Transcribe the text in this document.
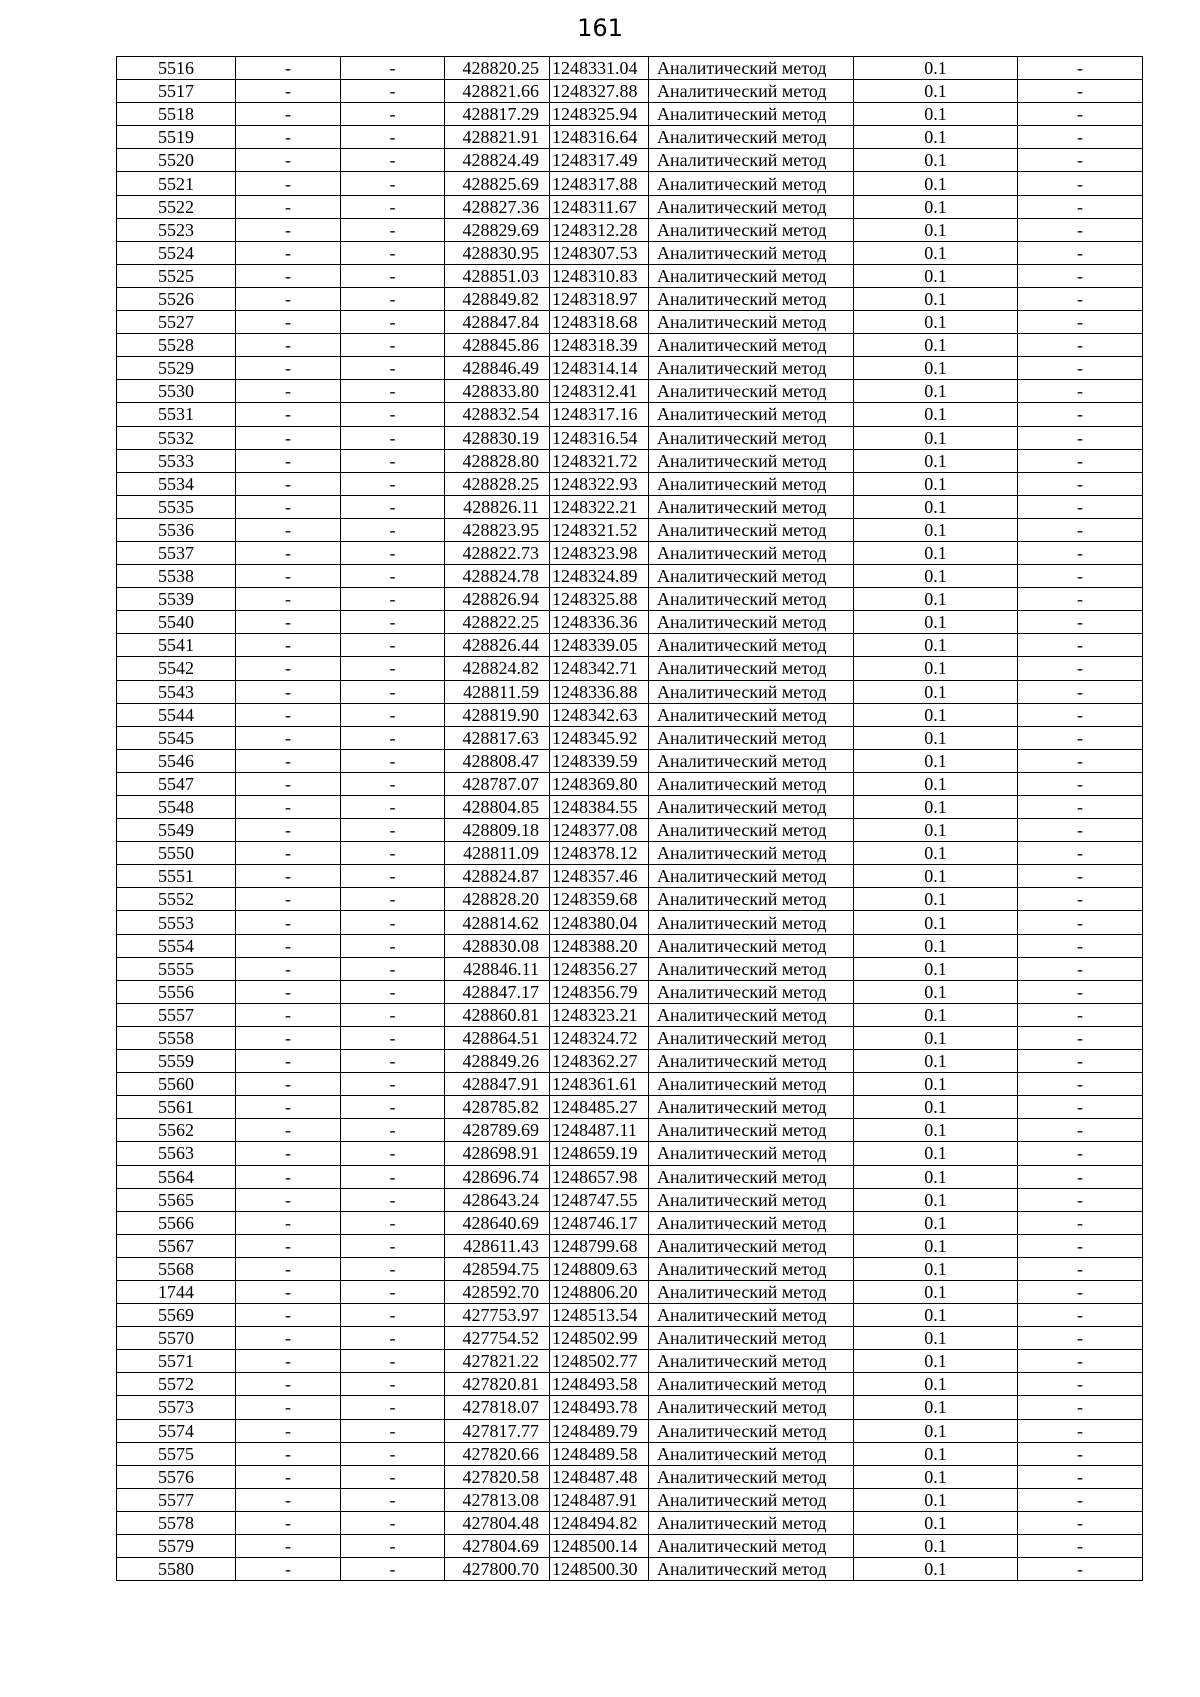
161
5516	-	-	428820.25	1248331.04	Аналитический метод	0.1	-
5517	-	-	428821.66	1248327.88	Аналитический метод	0.1	-
5518	-	-	428817.29	1248325.94	Аналитический метод	0.1	-
5519	-	-	428821.91	1248316.64	Аналитический метод	0.1	-
5520	-	-	428824.49	1248317.49	Аналитический метод	0.1	-
5521	-	-	428825.69	1248317.88	Аналитический метод	0.1	-
5522	-	-	428827.36	1248311.67	Аналитический метод	0.1	-
5523	-	-	428829.69	1248312.28	Аналитический метод	0.1	-
5524	-	-	428830.95	1248307.53	Аналитический метод	0.1	-
5525	-	-	428851.03	1248310.83	Аналитический метод	0.1	-
5526	-	-	428849.82	1248318.97	Аналитический метод	0.1	-
5527	-	-	428847.84	1248318.68	Аналитический метод	0.1	-
5528	-	-	428845.86	1248318.39	Аналитический метод	0.1	-
5529	-	-	428846.49	1248314.14	Аналитический метод	0.1	-
5530	-	-	428833.80	1248312.41	Аналитический метод	0.1	-
5531	-	-	428832.54	1248317.16	Аналитический метод	0.1	-
5532	-	-	428830.19	1248316.54	Аналитический метод	0.1	-
5533	-	-	428828.80	1248321.72	Аналитический метод	0.1	-
5534	-	-	428828.25	1248322.93	Аналитический метод	0.1	-
5535	-	-	428826.11	1248322.21	Аналитический метод	0.1	-
5536	-	-	428823.95	1248321.52	Аналитический метод	0.1	-
5537	-	-	428822.73	1248323.98	Аналитический метод	0.1	-
5538	-	-	428824.78	1248324.89	Аналитический метод	0.1	-
5539	-	-	428826.94	1248325.88	Аналитический метод	0.1	-
5540	-	-	428822.25	1248336.36	Аналитический метод	0.1	-
5541	-	-	428826.44	1248339.05	Аналитический метод	0.1	-
5542	-	-	428824.82	1248342.71	Аналитический метод	0.1	-
5543	-	-	428811.59	1248336.88	Аналитический метод	0.1	-
5544	-	-	428819.90	1248342.63	Аналитический метод	0.1	-
5545	-	-	428817.63	1248345.92	Аналитический метод	0.1	-
5546	-	-	428808.47	1248339.59	Аналитический метод	0.1	-
5547	-	-	428787.07	1248369.80	Аналитический метод	0.1	-
5548	-	-	428804.85	1248384.55	Аналитический метод	0.1	-
5549	-	-	428809.18	1248377.08	Аналитический метод	0.1	-
5550	-	-	428811.09	1248378.12	Аналитический метод	0.1	-
5551	-	-	428824.87	1248357.46	Аналитический метод	0.1	-
5552	-	-	428828.20	1248359.68	Аналитический метод	0.1	-
5553	-	-	428814.62	1248380.04	Аналитический метод	0.1	-
5554	-	-	428830.08	1248388.20	Аналитический метод	0.1	-
5555	-	-	428846.11	1248356.27	Аналитический метод	0.1	-
5556	-	-	428847.17	1248356.79	Аналитический метод	0.1	-
5557	-	-	428860.81	1248323.21	Аналитический метод	0.1	-
5558	-	-	428864.51	1248324.72	Аналитический метод	0.1	-
5559	-	-	428849.26	1248362.27	Аналитический метод	0.1	-
5560	-	-	428847.91	1248361.61	Аналитический метод	0.1	-
5561	-	-	428785.82	1248485.27	Аналитический метод	0.1	-
5562	-	-	428789.69	1248487.11	Аналитический метод	0.1	-
5563	-	-	428698.91	1248659.19	Аналитический метод	0.1	-
5564	-	-	428696.74	1248657.98	Аналитический метод	0.1	-
5565	-	-	428643.24	1248747.55	Аналитический метод	0.1	-
5566	-	-	428640.69	1248746.17	Аналитический метод	0.1	-
5567	-	-	428611.43	1248799.68	Аналитический метод	0.1	-
5568	-	-	428594.75	1248809.63	Аналитический метод	0.1	-
1744	-	-	428592.70	1248806.20	Аналитический метод	0.1	-
5569	-	-	427753.97	1248513.54	Аналитический метод	0.1	-
5570	-	-	427754.52	1248502.99	Аналитический метод	0.1	-
5571	-	-	427821.22	1248502.77	Аналитический метод	0.1	-
5572	-	-	427820.81	1248493.58	Аналитический метод	0.1	-
5573	-	-	427818.07	1248493.78	Аналитический метод	0.1	-
5574	-	-	427817.77	1248489.79	Аналитический метод	0.1	-
5575	-	-	427820.66	1248489.58	Аналитический метод	0.1	-
5576	-	-	427820.58	1248487.48	Аналитический метод	0.1	-
5577	-	-	427813.08	1248487.91	Аналитический метод	0.1	-
5578	-	-	427804.48	1248494.82	Аналитический метод	0.1	-
5579	-	-	427804.69	1248500.14	Аналитический метод	0.1	-
5580	-	-	427800.70	1248500.30	Аналитический метод	0.1	-
